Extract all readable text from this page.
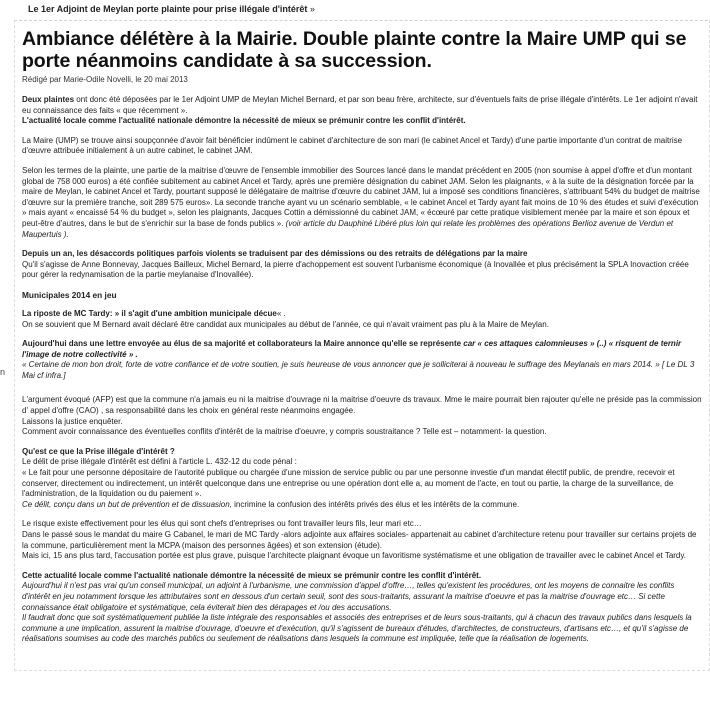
n
Le 1er Adjoint de Meylan porte plainte pour prise illégale d'intérêt »
Ambiance délétère à la Mairie. Double plainte contre la Maire UMP qui se porte néanmoins candidate à sa succession.
Rédigé par Marie-Odile Novelli, le 20 mai 2013

Deux plaintes ont donc été déposées par le 1er Adjoint UMP de Meylan Michel Bernard, et par son beau frère, architecte, sur d'éventuels faits de prise illégale d'intérêts. Le 1er adjoint n'avait eu connaissance des faits « que récemment ».
L'actualité locale comme l'actualité nationale démontre la nécessité de mieux se prémunir contre les conflit d'intérêt.

La Maire (UMP) se trouve ainsi soupçonnée d'avoir fait bénéficier indûment le cabinet d'architecture de son mari (le cabinet Ancel et Tardy) d'une partie importante d'un contrat de maitrise d'œuvre attribuée initialement à un autre cabinet, le cabinet JAM.

Selon les termes de la plainte, une partie de la maitrise d'œuvre de l'ensemble immobilier des Sources lancé dans le mandat précédent en 2005 (non soumise à appel d'offre et d'un montant global de 758 000 euros) a été confiée subitement au cabinet Ancel et Tardy, après une première désignation du cabinet JAM. Selon les plaignants, « à la suite de la désignation forcée par la maire de Meylan, le cabinet Ancel et Tardy, pourtant supposé le délégataire de maitrise d'œuvre du cabinet JAM, lui a imposé ses conditions financières, s'attribuant 54% du budget de maitrise d'œuvre sur la première tranche, soit 289 575 euros». La seconde tranche ayant vu un scénario semblable, « le cabinet Ancel et Tardy ayant fait moins de 10 % des études et suivi d'exécution » mais ayant « encaissé 54 % du budget », selon les plaignants, Jacques Cottin a démissionné du cabinet JAM, « écœuré par cette pratique visiblement menée par la maire et son époux et peut-être d'autres, dans le but de s'enrichir sur la base de fonds publics ». (voir article du Dauphiné Libéré plus loin qui relate les problèmes des opérations Berlioz avenue de Verdun et Maupertuis ).

Depuis un an, les désaccords politiques parfois violents se traduisent par des démissions ou des retraits de délégations par la maire
Qu'il s'agisse de Anne Bonnevay, Jacques Bailleux, Michel Bernard, la pierre d'achoppement est souvent l'urbanisme économique (à Inovallée et plus précisément la SPLA Inovaction créée pour gérer la redynamisation de la partie meylanaise d'Inovallée).

Municipales 2014 en jeu

La riposte de MC Tardy: » il s'agit d'une ambition municipale décue« .
On se souvient que M Bernard avait déclaré être candidat aux municipales au début de l'année, ce qui n'avait vraiment pas plu à la Maire de Meylan.

Aujourd'hui dans une lettre envoyée au élus de sa majorité et collaborateurs la Maire annonce qu'elle se représente car « ces attaques calomnieuses » (..) « risquent de ternir l'image de notre collectivité » .
« Certaine de mon bon droit, forte de votre confiance et de votre soutien, je suis heureuse de vous annoncer que je solliciterai à nouveau le suffrage des Meylanais en mars 2014. » [ Le DL 3 Mai cf infra.]

L'argument évoqué (AFP) est que la commune n'a jamais eu ni la maitrise d'ouvrage ni la maitrise d'oeuvre ds travaux. Mme le maire pourrait bien rajouter qu'elle ne préside pas la commission d' appel d'offre (CAO) , sa responsabilité dans les choix en général reste néanmoins engagée.
Laissons la justice enquêter.
Comment avoir connaissance des éventuelles conflits d'intérêt de la maitrise d'oeuvre, y compris soustraitance ? Telle est – notamment- la question.

Qu'est ce que la Prise illégale d'intérêt ?
Le délit de prise illégale d'intérêt est défini à l'article L. 432-12 du code pénal :
« Le fait pour une personne dépositaire de l'autorité publique ou chargée d'une mission de service public ou par une personne investie d'un mandat électif public, de prendre, recevoir et conserver, directement ou indirectement, un intérêt quelconque dans une entreprise ou une opération dont elle a, au moment de l'acte, en tout ou partie, la charge de la surveillance, de l'administration, de la liquidation ou du paiement ».
Ce délit, conçu dans un but de prévention et de dissuasion, incrimine la confusion des intérêts privés des élus et les intérêts de la commune.

Le risque existe effectivement pour les élus qui sont chefs d'entreprises ou font travailler leurs fils, leur mari etc…
Dans le passé sous le mandat du maire G Cabanel, le mari de MC Tardy -alors adjointe aux affaires sociales- appartenait au cabinet d'architecture retenu pour travailler sur certains projets de la commune, particulièrement ment la MCPA (maison des personnes âgées) et son extension (étude).
Mais ici, 15 ans plus tard, l'accusation portée est plus grave, puisque l'architecte plaignant évoque un favoritisme systématisme et une obligation de travailler avec le cabinet Ancel et Tardy.

Cette actualité locale comme l'actualité nationale démontre la nécessité de mieux se prémunir contre les conflit d'intérêt.
Aujourd'hui il n'est pas vrai qu'un conseil municipal, un adjoint à l'urbanisme, une commission d'appel d'offre…, telles qu'existent les procédures, ont les moyens de connaitre les conflits d'intérêt en jeu notamment lorsque les attributaires sont en dessous d'un certain seuil, sont des sous-traitants, assurant la maitrise d'oeuvre et pas la maitrise d'ouvrage etc… Si cette connaissance était obligatoire et systématique, cela éviterait bien des dérapages et /ou des accusations.
Il faudrait donc que soit systématiquement publiée la liste intégrale des responsables et associés des entreprises et de leurs sous-traitants, qui à chacun des travaux publics dans lesquels la commune a une implication, assurent la maitrise d'ouvrage, d'oeuvre et d'exécution, qu'il s'agissent de bureaux d'études, d'architectes, de constructeurs, d'artisans etc…, et qu'il s'agisse de réalisations soumises au code des marchés publics ou seulement de réalisations dans lesquels la commune est impliquée, telle que la réalisation de logements.
